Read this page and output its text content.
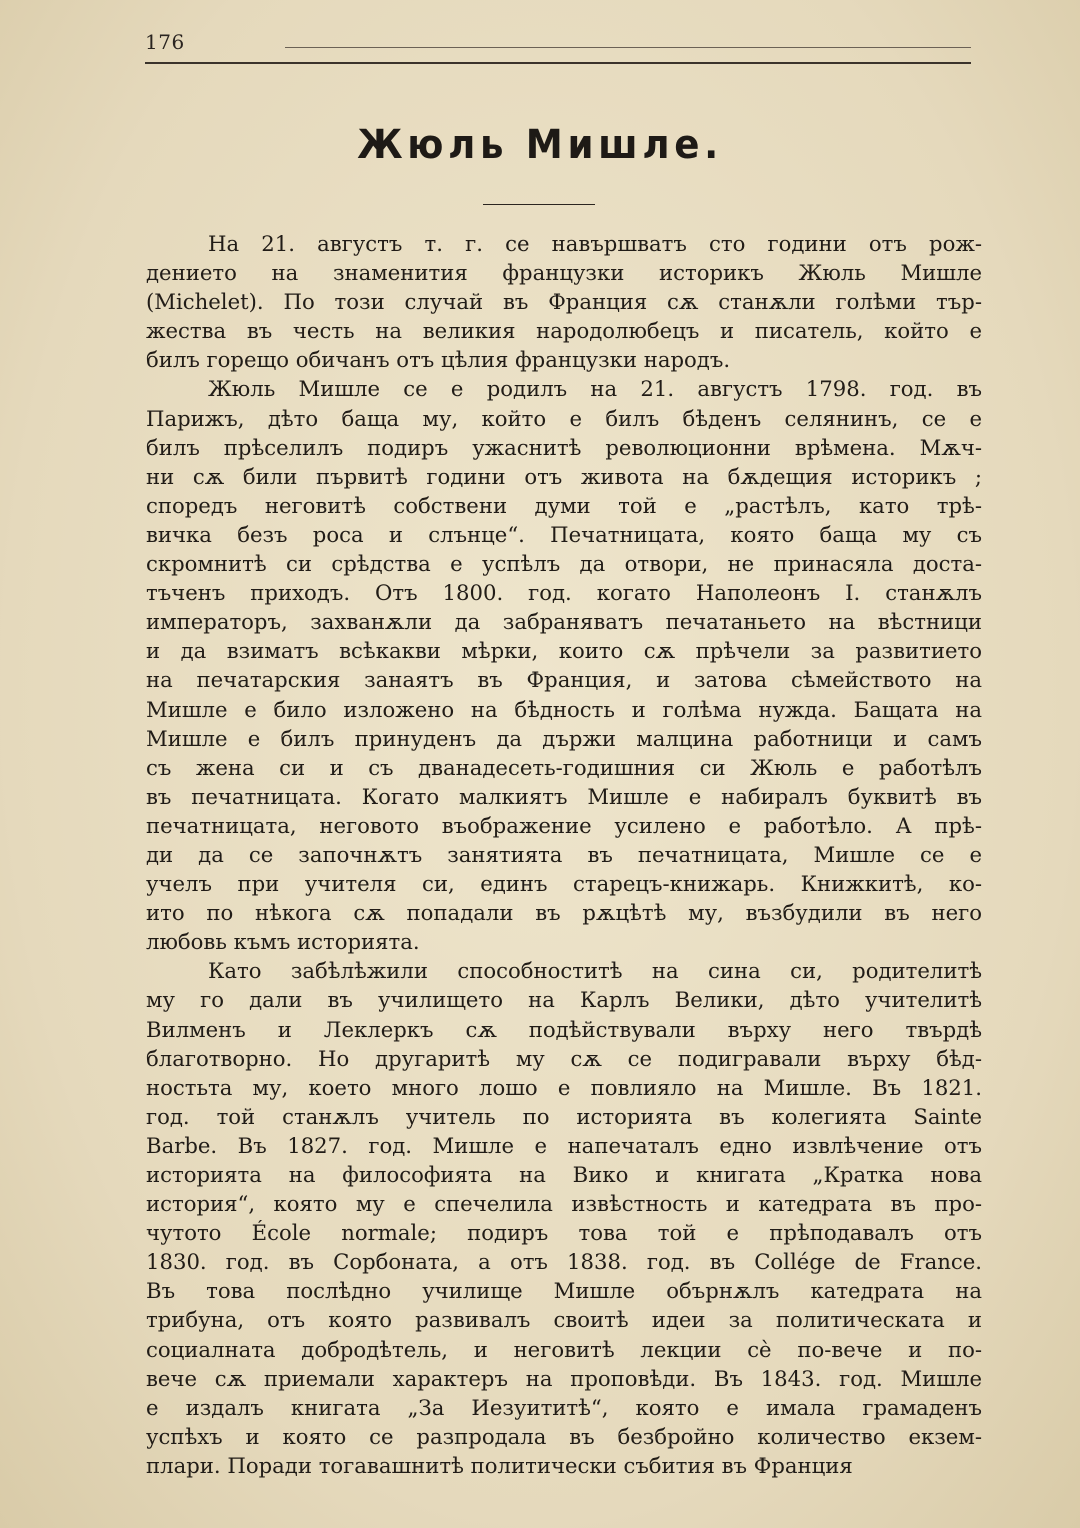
176
Жюль Мишле.
На 21. августъ т. г. се навършватъ сто години отъ рож-
дението на знаменития французки историкъ Жюль Мишле
(Michelet). По този случай въ Франция сѫ станѫли голѣми тър-
жества въ честь на великия народолюбецъ и писатель, който е
билъ горещо обичанъ отъ цѣлия французки народъ.
Жюль Мишле се е родилъ на 21. августъ 1798. год. въ
Парижъ, дѣто баща му, който е билъ бѣденъ селянинъ, се е
билъ прѣселилъ подиръ ужаснитѣ революционни врѣмена. Мѫч-
ни сѫ били първитѣ години отъ живота на бѫдещия историкъ ;
споредъ неговитѣ собствени думи той е „растѣлъ, като трѣ-
вичка безъ роса и слънце“. Печатницата, която баща му съ
скромнитѣ си срѣдства е успѣлъ да отвори, не принасяла доста-
тъченъ приходъ. Отъ 1800. год. когато Наполеонъ I. станѫлъ
императоръ, захванѫли да забраняватъ печатаньето на вѣстници
и да взиматъ всѣкакви мѣрки, които сѫ прѣчели за развитието
на печатарския занаятъ въ Франция, и затова сѣмейството на
Мишле е било изложено на бѣдность и голѣма нужда. Бащата на
Мишле е билъ принуденъ да държи малцина работници и самъ
съ жена си и съ дванадесеть-годишния си Жюль е работѣлъ
въ печатницата. Когато малкиятъ Мишле е набиралъ буквитѣ въ
печатницата, неговото въображение усилено е работѣло. А прѣ-
ди да се започнѫтъ занятията въ печатницата, Мишле се е
учелъ при учителя си, единъ старецъ-книжарь. Книжкитѣ, ко-
ито по нѣкога сѫ попадали въ рѫцѣтѣ му, възбудили въ него
любовь къмъ историята.
Като забѣлѣжили способноститѣ на сина си, родителитѣ
му го дали въ училището на Карлъ Велики, дѣто учителитѣ
Вилменъ и Леклеркъ сѫ подѣйствували върху него твърдѣ
благотворно. Но другаритѣ му сѫ се подигравали върху бѣд-
ностьта му, което много лошо е повлияло на Мишле. Въ 1821.
год. той станѫлъ учитель по историята въ колегията Sainte
Barbe. Въ 1827. год. Мишле е напечаталъ едно извлѣчение отъ
историята на философията на Вико и книгата „Кратка нова
история“, която му е спечелила извѣстность и катедрата въ про-
чутото École normale; подиръ това той е прѣподавалъ отъ
1830. год. въ Сорбоната, а отъ 1838. год. въ Collége de France.
Въ това послѣдно училище Мишле обърнѫлъ катедрата на
трибуна, отъ която развивалъ своитѣ идеи за политическата и
социалната добродѣтель, и неговитѣ лекции сѐ по-вече и по-
вече сѫ приемали характеръ на проповѣди. Въ 1843. год. Мишле
е издалъ книгата „За Иезуититѣ“, която е имала грамаденъ
успѣхъ и която се разпродала въ безбройно количество екзем-
плари. Поради тогавашнитѣ политически събития въ Франция
